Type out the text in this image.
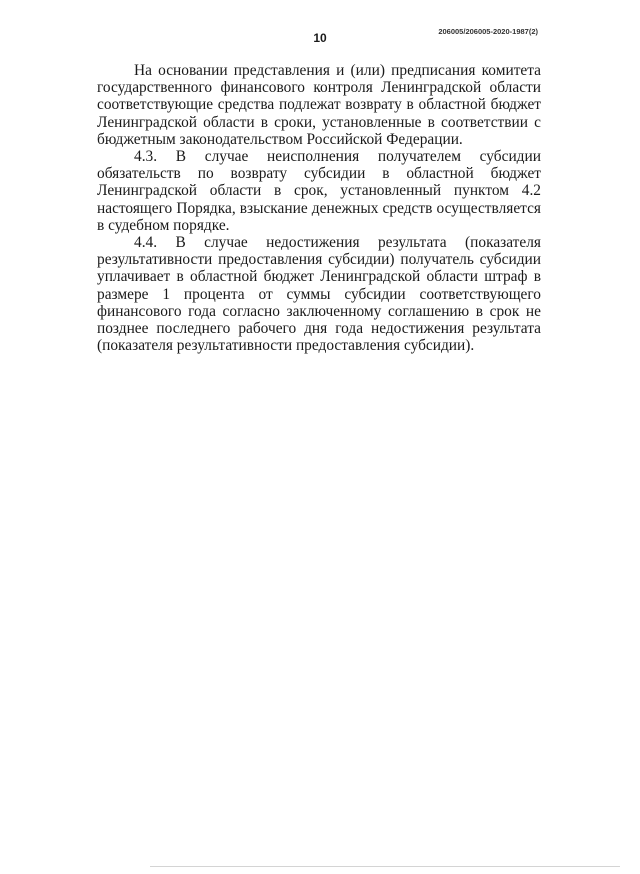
10	206005/206005-2020-1987(2)

На основании представления и (или) предписания комитета государственного финансового контроля Ленинградской области соответствующие средства подлежат возврату в областной бюджет Ленинградской области в сроки, установленные в соответствии с бюджетным законодательством Российской Федерации.

4.3. В случае неисполнения получателем субсидии обязательств по возврату субсидии в областной бюджет Ленинградской области в срок, установленный пунктом 4.2 настоящего Порядка, взыскание денежных средств осуществляется в судебном порядке.

4.4. В случае недостижения результата (показателя результативности предоставления субсидии) получатель субсидии уплачивает в областной бюджет Ленинградской области штраф в размере 1 процента от суммы субсидии соответствующего финансового года согласно заключенному соглашению в срок не позднее последнего рабочего дня года недостижения результата (показателя результативности предоставления субсидии).
